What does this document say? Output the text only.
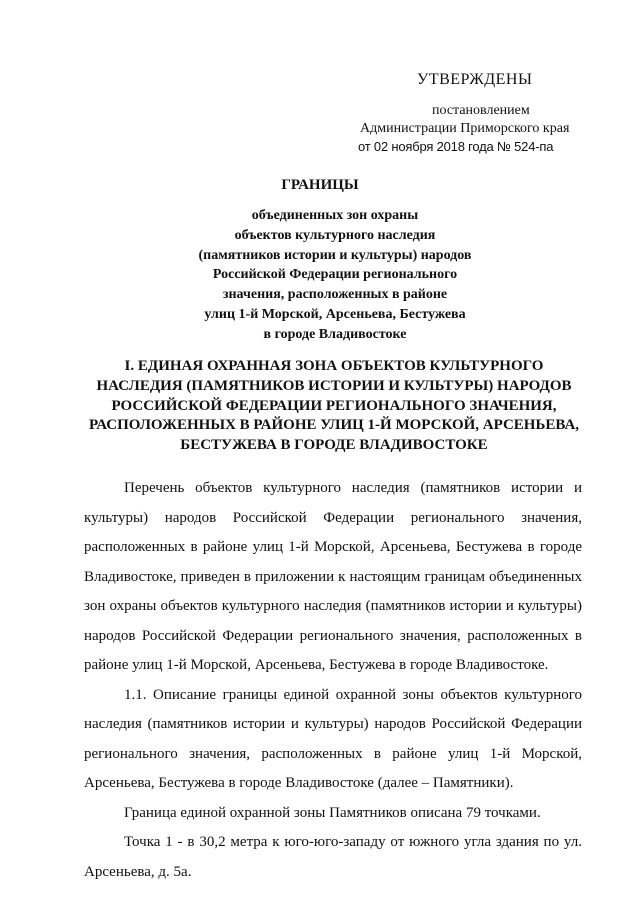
УТВЕРЖДЕНЫ
постановлением
Администрации Приморского края
от 02 ноября 2018 года № 524-па
ГРАНИЦЫ
объединенных зон охраны
объектов культурного наследия
(памятников истории и культуры) народов
Российской Федерации регионального
значения, расположенных в районе
улиц 1-й Морской, Арсеньева, Бестужева
в городе Владивостоке
I. ЕДИНАЯ ОХРАННАЯ ЗОНА ОБЪЕКТОВ КУЛЬТУРНОГО
НАСЛЕДИЯ (ПАМЯТНИКОВ ИСТОРИИ И КУЛЬТУРЫ) НАРОДОВ
РОССИЙСКОЙ ФЕДЕРАЦИИ РЕГИОНАЛЬНОГО ЗНАЧЕНИЯ,
РАСПОЛОЖЕННЫХ В РАЙОНЕ УЛИЦ 1-Й МОРСКОЙ, АРСЕНЬЕВА,
БЕСТУЖЕВА В ГОРОДЕ ВЛАДИВОСТОКЕ

Перечень объектов культурного наследия (памятников истории и культуры) народов Российской Федерации регионального значения, расположенных в районе улиц 1-й Морской, Арсеньева, Бестужева в городе Владивостоке, приведен в приложении к настоящим границам объединенных зон охраны объектов культурного наследия (памятников истории и культуры) народов Российской Федерации регионального значения, расположенных в районе улиц 1-й Морской, Арсеньева, Бестужева в городе Владивостоке.

1.1. Описание границы единой охранной зоны объектов культурного наследия (памятников истории и культуры) народов Российской Федерации регионального значения, расположенных в районе улиц 1-й Морской, Арсеньева, Бестужева в городе Владивостоке (далее – Памятники).

Граница единой охранной зоны Памятников описана 79 точками.

Точка 1 - в 30,2 метра к юго-юго-западу от южного угла здания по ул. Арсеньева, д. 5а.
